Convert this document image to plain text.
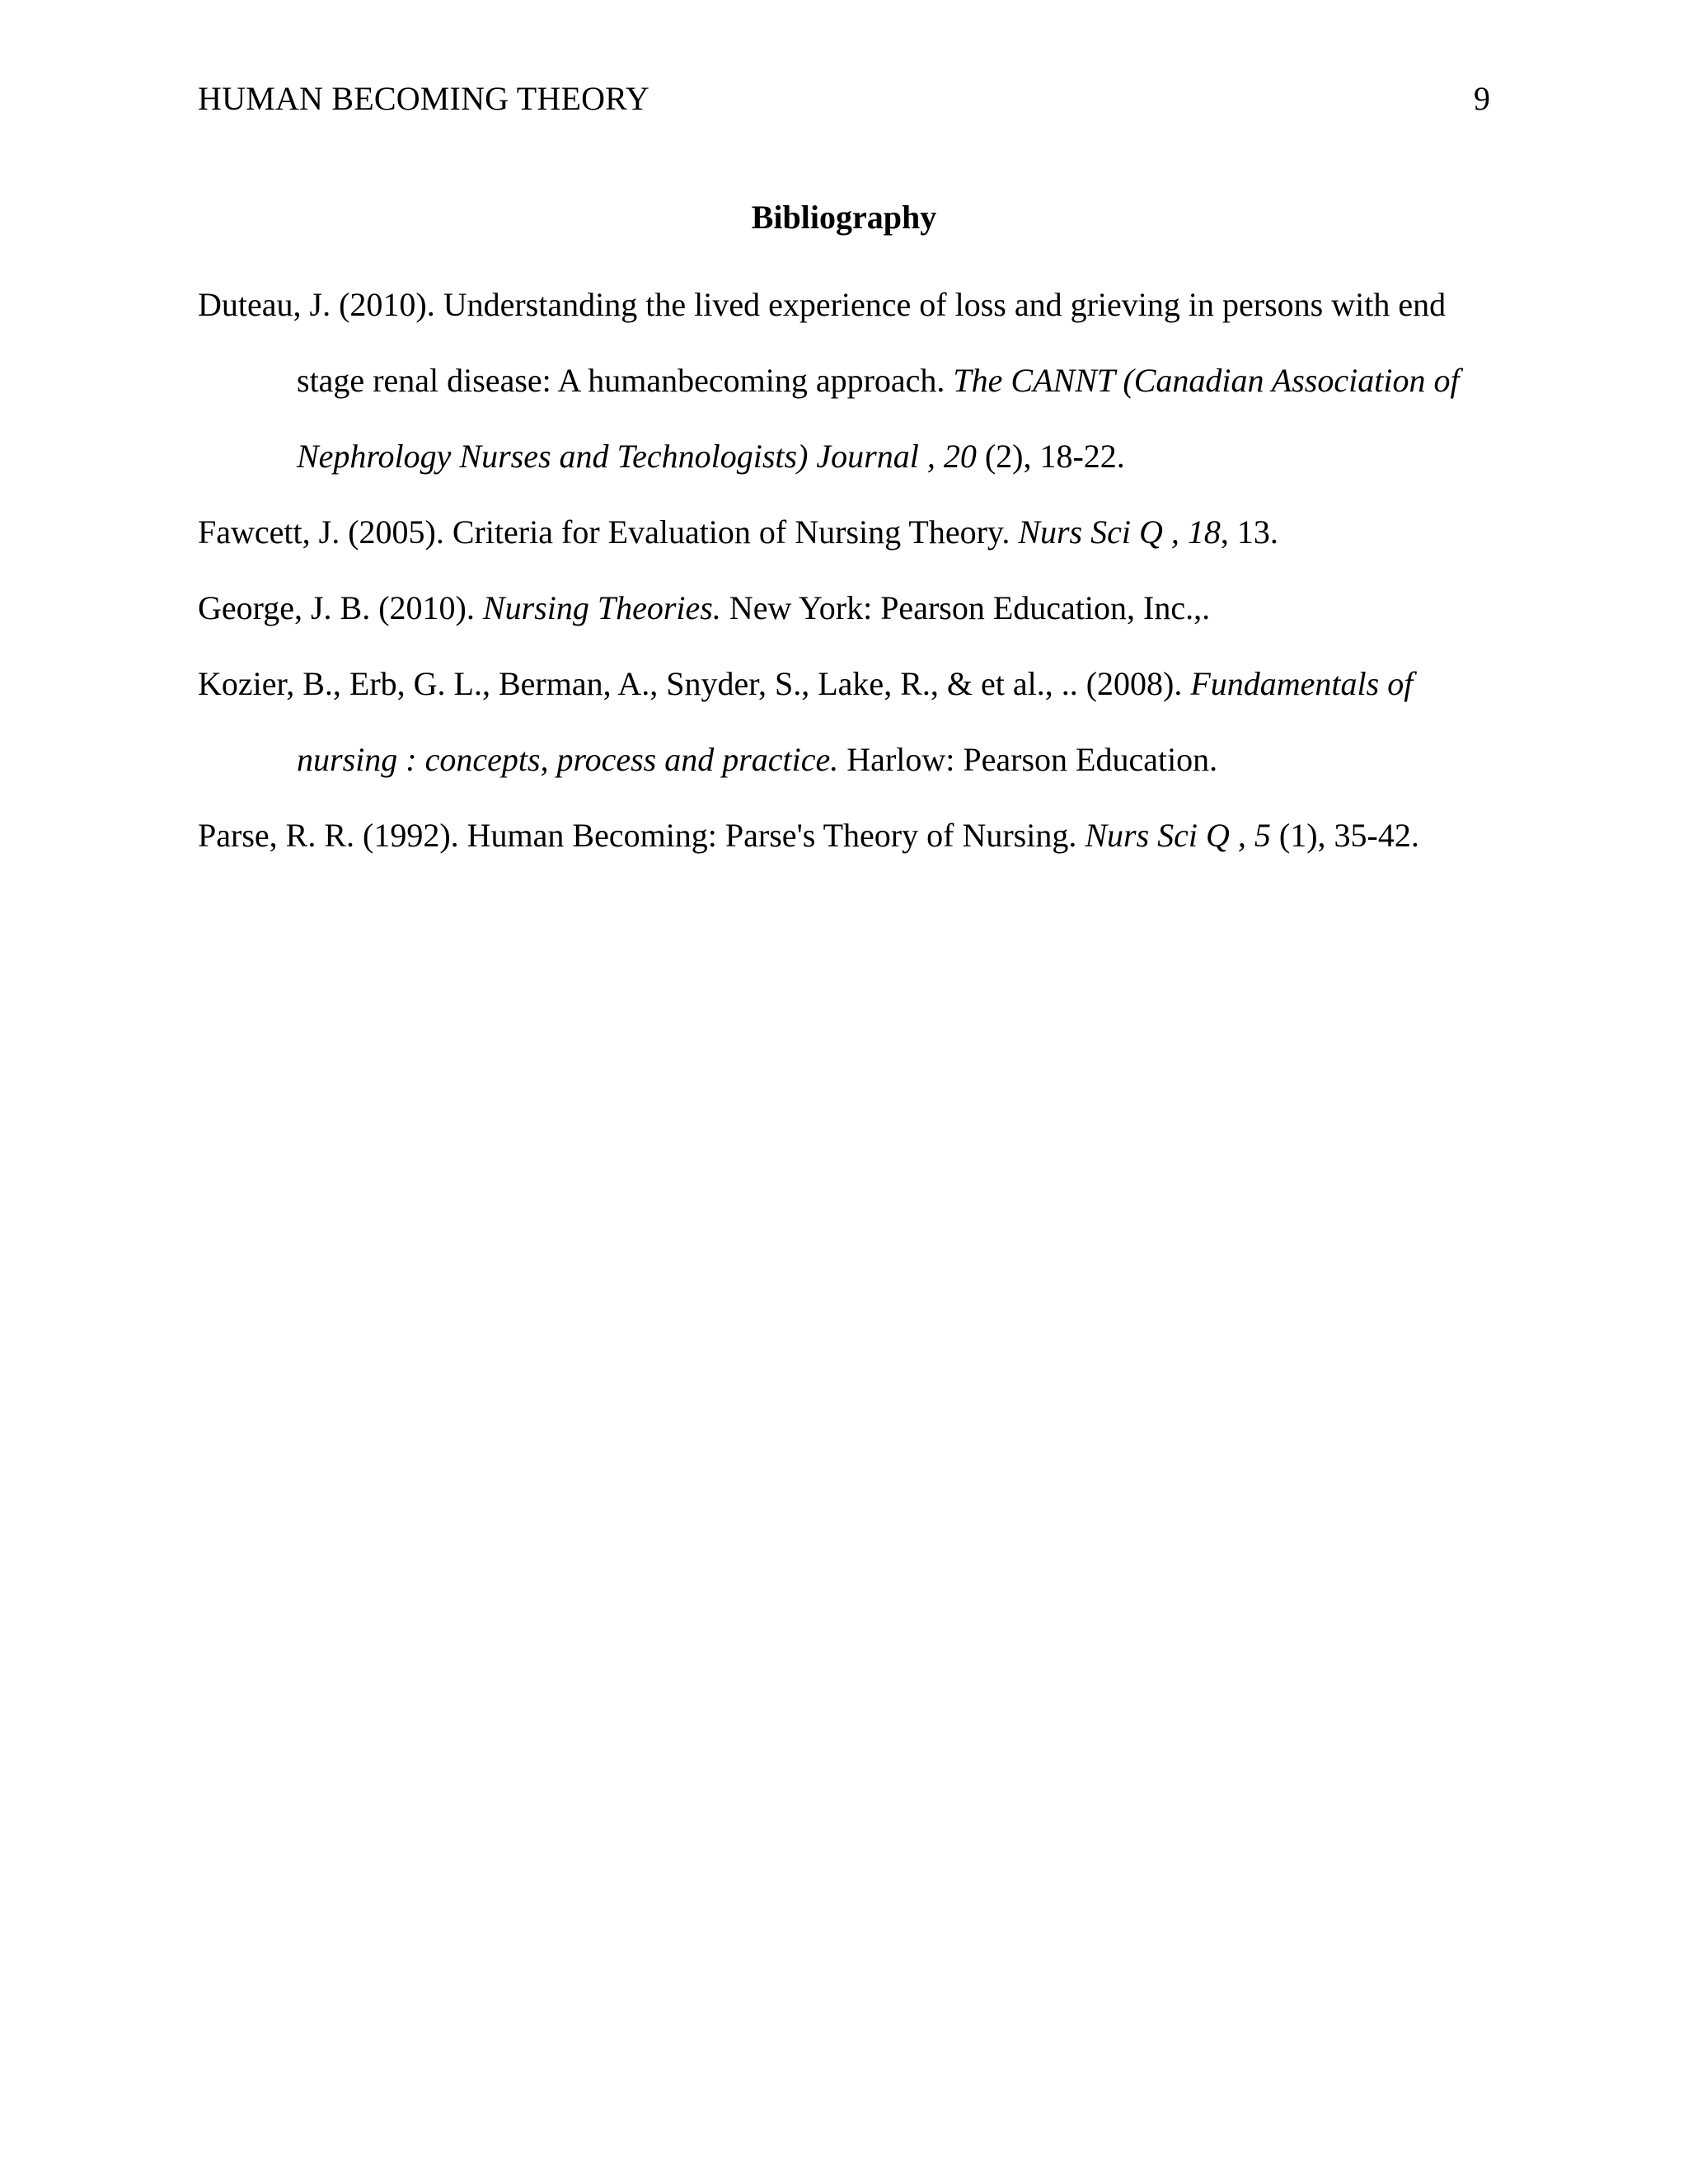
HUMAN BECOMING THEORY	9
Bibliography

Duteau, J. (2010). Understanding the lived experience of loss and grieving in persons with end stage renal disease: A humanbecoming approach. The CANNT (Canadian Association of Nephrology Nurses and Technologists) Journal , 20 (2), 18-22.

Fawcett, J. (2005). Criteria for Evaluation of Nursing Theory. Nurs Sci Q , 18, 13.

George, J. B. (2010). Nursing Theories. New York: Pearson Education, Inc.,.

Kozier, B., Erb, G. L., Berman, A., Snyder, S., Lake, R., & et al., .. (2008). Fundamentals of nursing : concepts, process and practice. Harlow: Pearson Education.

Parse, R. R. (1992). Human Becoming: Parse's Theory of Nursing. Nurs Sci Q , 5 (1), 35-42.
